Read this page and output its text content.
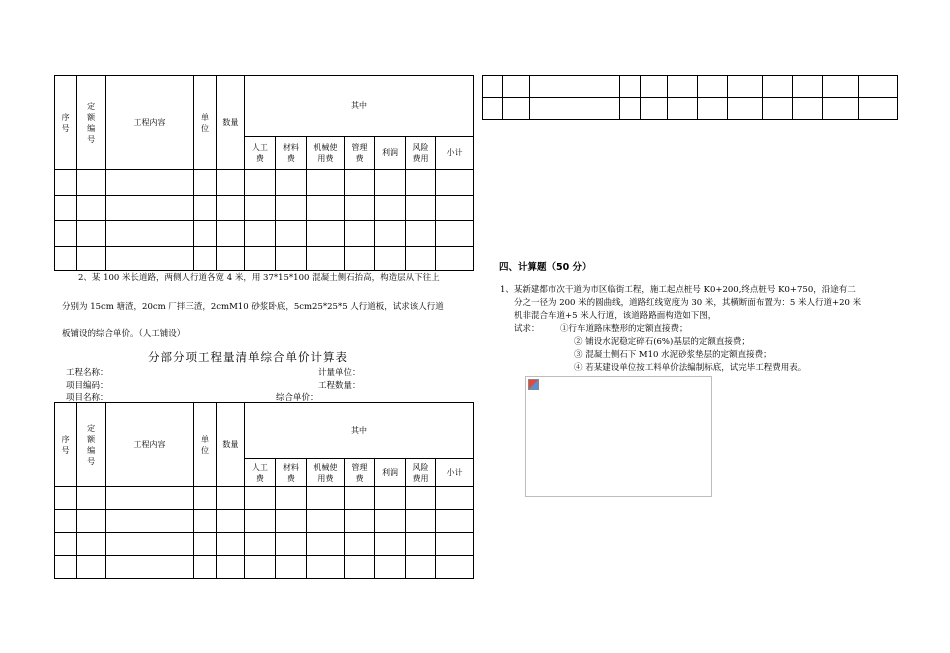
序号	定额编号	工程内容	单位	数量	其中						
					人工费	材料费	机械使用费	管理费	利润	风险费用	小计

2、某 100 米长道路，两侧人行道各宽 4 米，用 37*15*100 混凝土侧石抬高，构造层从下往上
分别为 15cm 塘渣，20cm 厂拌三渣，2cmM10 砂浆卧底，5cm25*25*5 人行道板，试求该人行道
板铺设的综合单价。（人工铺设）
分部分项工程量清单综合单价计算表
工程名称：	计量单位：
项目编码：	工程数量：
项目名称：	综合单价：
序号	定额编号	工程内容	单位	数量	其中						
					人工费	材料费	机械使用费	管理费	利润	风险费用	小计

四、计算题（50 分）
1、某新建都市次干道为市区临街工程，施工起点桩号 K0+200,终点桩号 K0+750，沿途有二
分之一径为 200 米的圆曲线，道路红线宽度为 30 米，其横断面布置为：5 米人行道+20 米
机非混合车道+5 米人行道，该道路路面构造如下图，
试求： ①行车道路床整形的定额直接费；
② 铺设水泥稳定碎石(6%)基层的定额直接费；
③ 混凝土侧石下 M10 水泥砂浆垫层的定额直接费；
④ 若某建设单位按工料单价法编制标底，试完毕工程费用表。
